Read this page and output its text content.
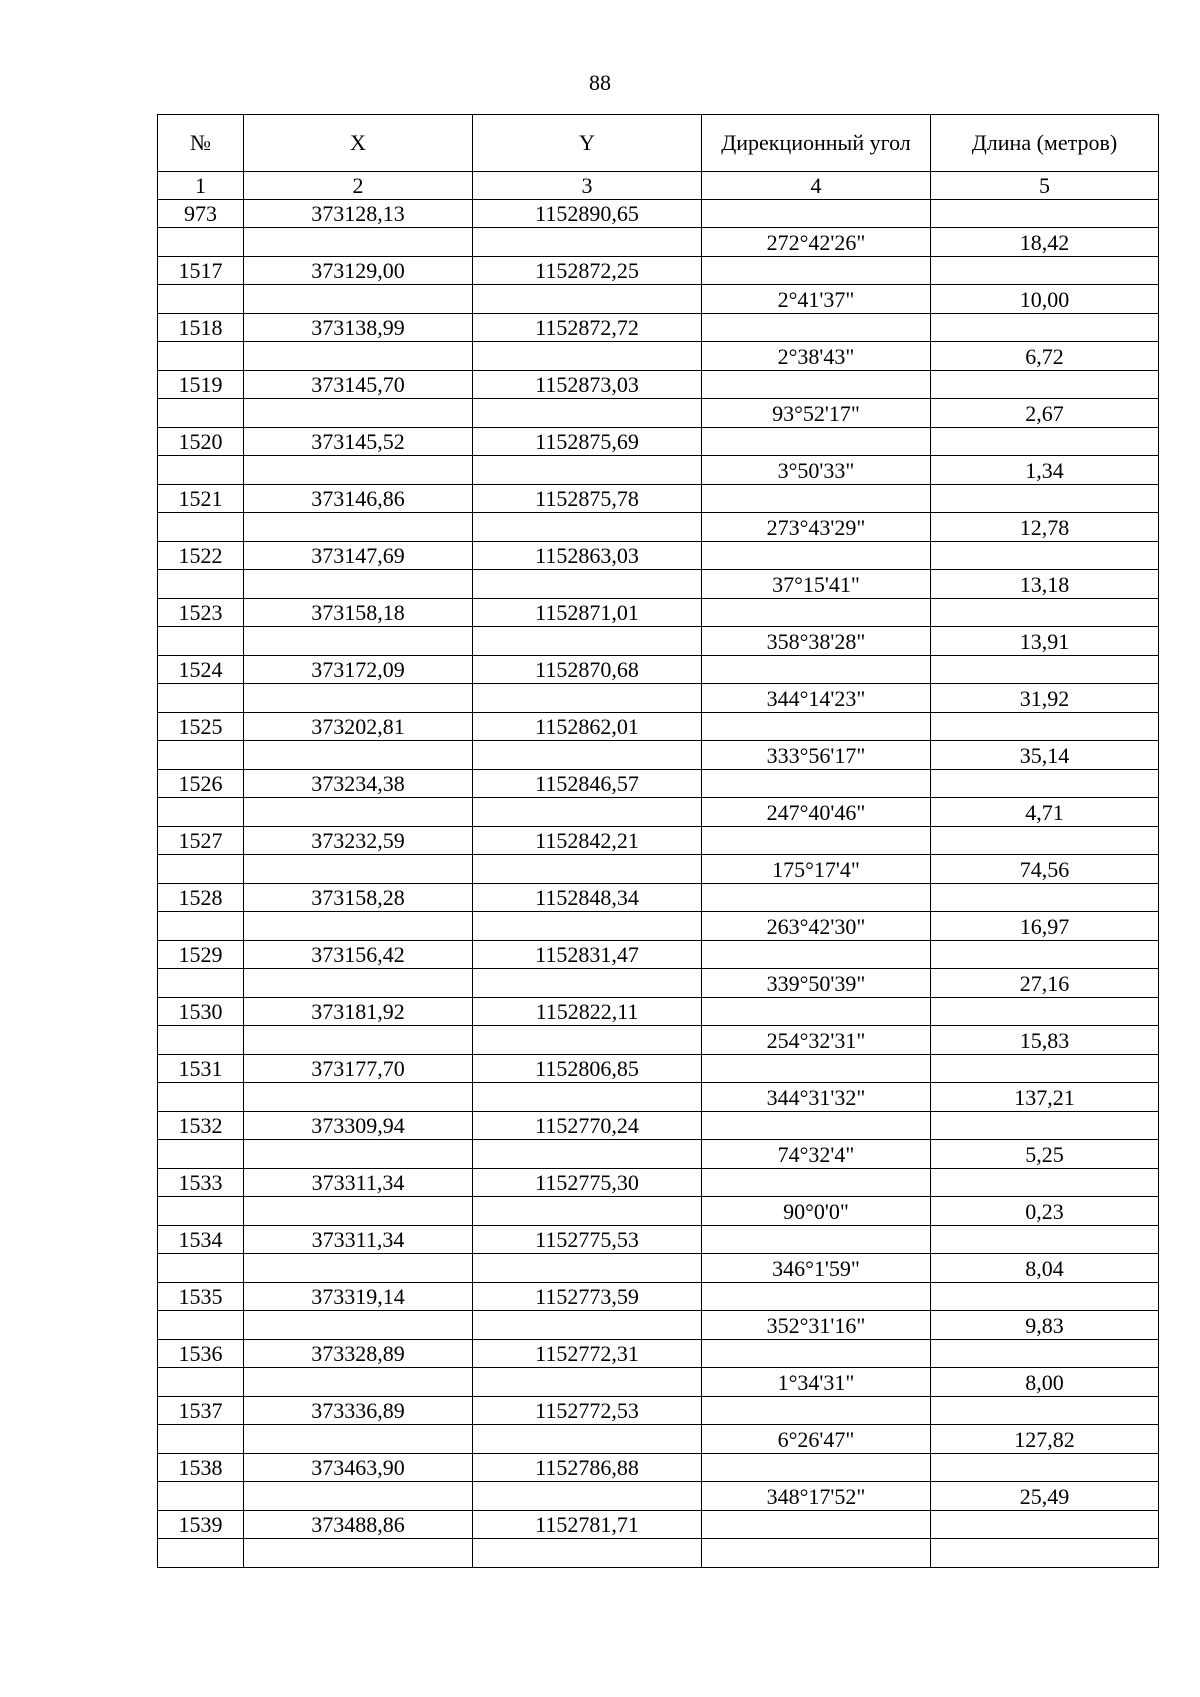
88
№	X	Y	Дирекционный угол	Длина (метров)
1	2	3	4	5
973	373128,13	1152890,65	272°42'26"	18,42

1517	373129,00	1152872,25	2°41'37"	10,00

1518	373138,99	1152872,72	2°38'43"	6,72

1519	373145,70	1152873,03	93°52'17"	2,67

1520	373145,52	1152875,69	3°50'33"	1,34

1521	373146,86	1152875,78	273°43'29"	12,78

1522	373147,69	1152863,03	37°15'41"	13,18

1523	373158,18	1152871,01	358°38'28"	13,91

1524	373172,09	1152870,68	344°14'23"	31,92

1525	373202,81	1152862,01	333°56'17"	35,14

1526	373234,38	1152846,57	247°40'46"	4,71

1527	373232,59	1152842,21	175°17'4"	74,56

1528	373158,28	1152848,34	263°42'30"	16,97

1529	373156,42	1152831,47	339°50'39"	27,16

1530	373181,92	1152822,11	254°32'31"	15,83

1531	373177,70	1152806,85	344°31'32"	137,21

1532	373309,94	1152770,24	74°32'4"	5,25

1533	373311,34	1152775,30	90°0'0"	0,23

1534	373311,34	1152775,53	346°1'59"	8,04

1535	373319,14	1152773,59	352°31'16"	9,83

1536	373328,89	1152772,31	1°34'31"	8,00

1537	373336,89	1152772,53	6°26'47"	127,82

1538	373463,90	1152786,88	348°17'52"	25,49

1539	373488,86	1152781,71
